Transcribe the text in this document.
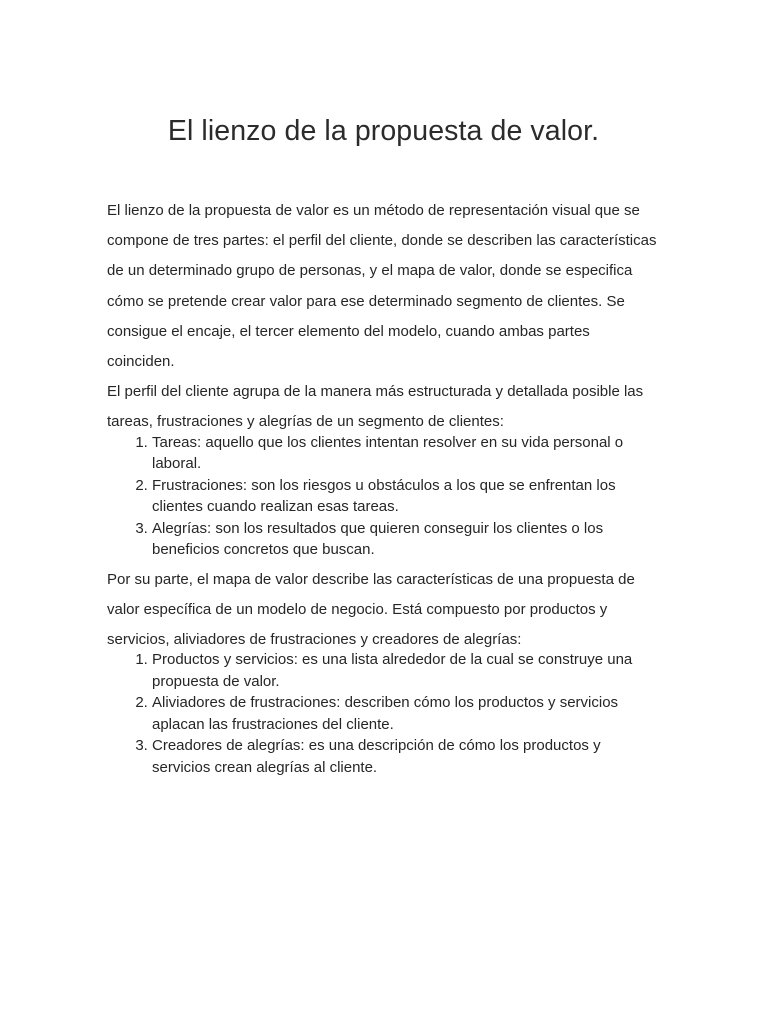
El lienzo de la propuesta de valor.

El lienzo de la propuesta de valor es un método de representación visual que se compone de tres partes: el perfil del cliente, donde se describen las características de un determinado grupo de personas, y el mapa de valor, donde se especifica cómo se pretende crear valor para ese determinado segmento de clientes. Se consigue el encaje, el tercer elemento del modelo, cuando ambas partes coinciden.

El perfil del cliente agrupa de la manera más estructurada y detallada posible las tareas, frustraciones y alegrías de un segmento de clientes:

1. Tareas: aquello que los clientes intentan resolver en su vida personal o laboral.
2. Frustraciones: son los riesgos u obstáculos a los que se enfrentan los clientes cuando realizan esas tareas.
3. Alegrías: son los resultados que quieren conseguir los clientes o los beneficios concretos que buscan.

Por su parte, el mapa de valor describe las características de una propuesta de valor específica de un modelo de negocio. Está compuesto por productos y servicios, aliviadores de frustraciones y creadores de alegrías:

1. Productos y servicios: es una lista alrededor de la cual se construye una propuesta de valor.
2. Aliviadores de frustraciones: describen cómo los productos y servicios aplacan las frustraciones del cliente.
3. Creadores de alegrías: es una descripción de cómo los productos y servicios crean alegrías al cliente.
